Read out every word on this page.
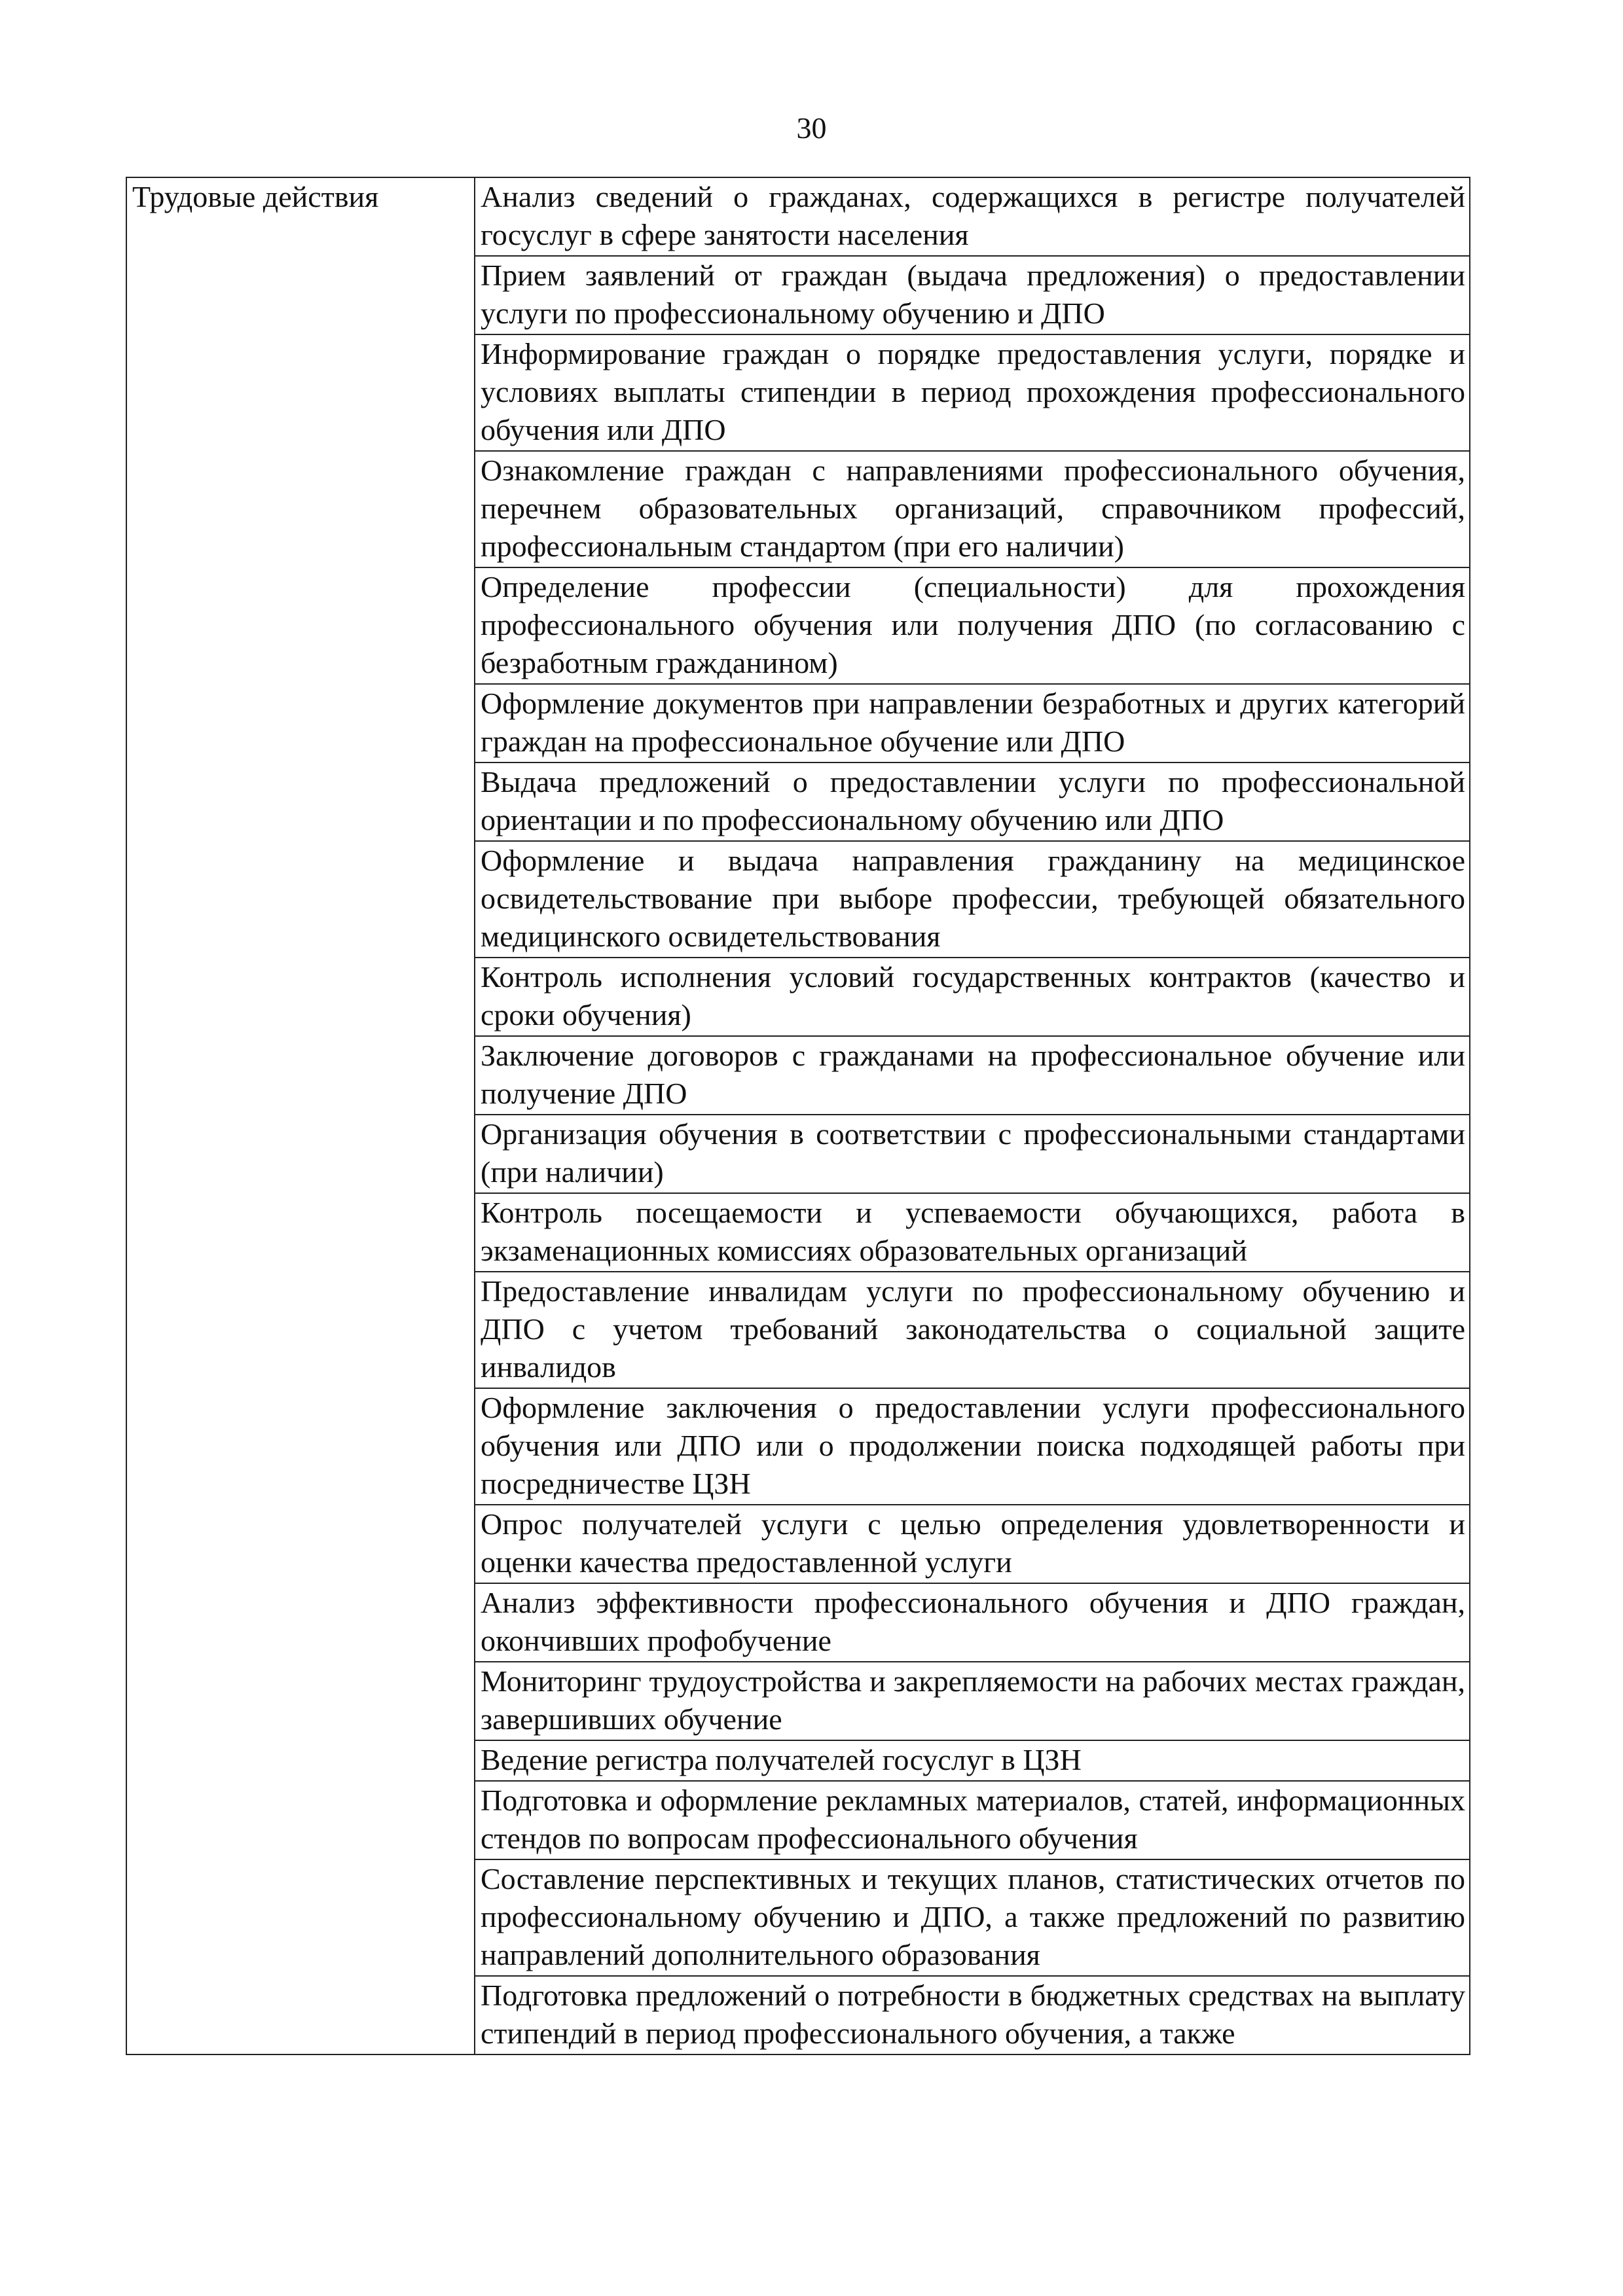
30
Трудовые действия	Анализ сведений о гражданах, содержащихся в регистре получателей госуслуг в сфере занятости населения
Прием заявлений от граждан (выдача предложения) о предоставлении услуги по профессиональному обучению и ДПО
Информирование граждан о порядке предоставления услуги, порядке и условиях выплаты стипендии в период прохождения профессионального обучения или ДПО
Ознакомление граждан с направлениями профессионального обучения, перечнем образовательных организаций, справочником профессий, профессиональным стандартом (при его наличии)
Определение профессии (специальности) для прохождения профессионального обучения или получения ДПО (по согласованию с безработным гражданином)
Оформление документов при направлении безработных и других категорий граждан на профессиональное обучение или ДПО
Выдача предложений о предоставлении услуги по профессиональной ориентации и по профессиональному обучению или ДПО
Оформление и выдача направления гражданину на медицинское освидетельствование при выборе профессии, требующей обязательного медицинского освидетельствования
Контроль исполнения условий государственных контрактов (качество и сроки обучения)
Заключение договоров с гражданами на профессиональное обучение или получение ДПО
Организация обучения в соответствии с профессиональными стандартами (при наличии)
Контроль посещаемости и успеваемости обучающихся, работа в экзаменационных комиссиях образовательных организаций
Предоставление инвалидам услуги по профессиональному обучению и ДПО с учетом требований законодательства о социальной защите инвалидов
Оформление заключения о предоставлении услуги профессионального обучения или ДПО или о продолжении поиска подходящей работы при посредничестве ЦЗН
Опрос получателей услуги с целью определения удовлетворенности и оценки качества предоставленной услуги
Анализ эффективности профессионального обучения и ДПО граждан, окончивших профобучение
Мониторинг трудоустройства и закрепляемости на рабочих местах граждан, завершивших обучение
Ведение регистра получателей госуслуг в ЦЗН
Подготовка и оформление рекламных материалов, статей, информационных стендов по вопросам профессионального обучения
Составление перспективных и текущих планов, статистических отчетов по профессиональному обучению и ДПО, а также предложений по развитию направлений дополнительного образования
Подготовка предложений о потребности в бюджетных средствах на выплату стипендий в период профессионального обучения, а также
